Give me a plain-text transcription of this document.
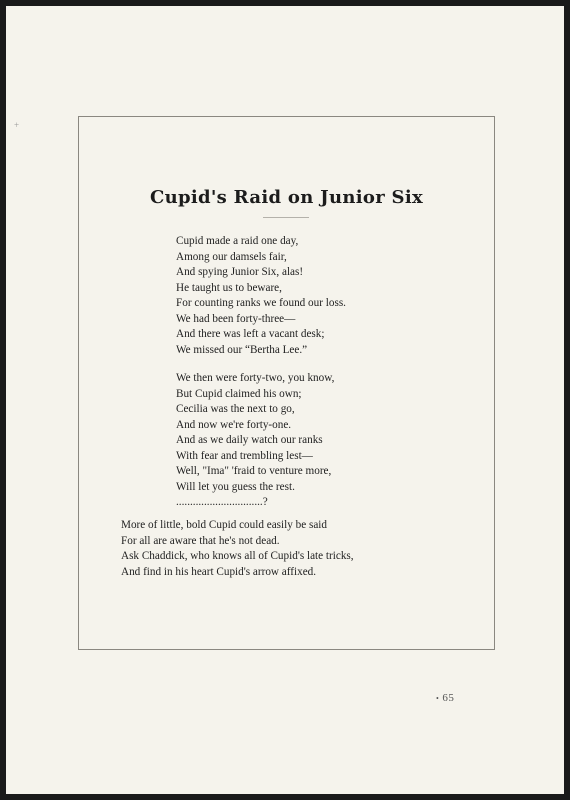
+
Cupid's Raid on Junior Six
Cupid made a raid one day,
Among our damsels fair,
And spying Junior Six, alas!
He taught us to beware,
For counting ranks we found our loss.
We had been forty-three—
And there was left a vacant desk;
We missed our “Bertha Lee.”
We then were forty-two, you know,
But Cupid claimed his own;
Cecilia was the next to go,
And now we're forty-one.
And as we daily watch our ranks
With fear and trembling lest—
Well, "Ima" 'fraid to venture more,
Will let you guess the rest.
...............................?
More of little, bold Cupid could easily be said
For all are aware that he's not dead.
Ask Chaddick, who knows all of Cupid's late tricks,
And find in his heart Cupid's arrow affixed.
• 65
